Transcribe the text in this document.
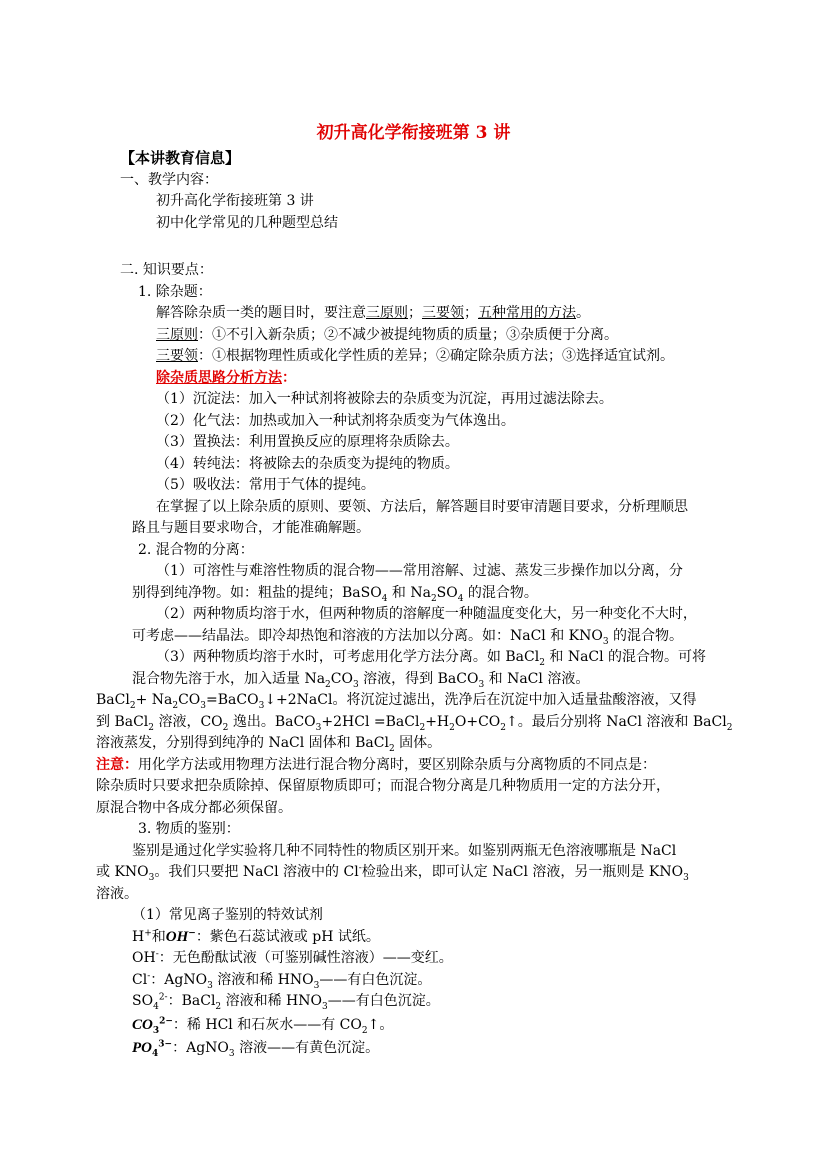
初升高化学衔接班第 3 讲
【本讲教育信息】
一、教学内容：
初升高化学衔接班第 3 讲
初中化学常见的几种题型总结
二. 知识要点：
1. 除杂题：
解答除杂质一类的题目时，要注意三原则；三要领；五种常用的方法。
三原则：①不引入新杂质；②不减少被提纯物质的质量；③杂质便于分离。
三要领：①根据物理性质或化学性质的差异；②确定除杂质方法；③选择适宜试剂。
除杂质思路分析方法：
（1）沉淀法：加入一种试剂将被除去的杂质变为沉淀，再用过滤法除去。
（2）化气法：加热或加入一种试剂将杂质变为气体逸出。
（3）置换法：利用置换反应的原理将杂质除去。
（4）转纯法：将被除去的杂质变为提纯的物质。
（5）吸收法：常用于气体的提纯。
在掌握了以上除杂质的原则、要领、方法后，解答题目时要审清题目要求，分析理顺思
路且与题目要求吻合，才能准确解题。
2. 混合物的分离：
（1）可溶性与难溶性物质的混合物——常用溶解、过滤、蒸发三步操作加以分离，分
别得到纯净物。如：粗盐的提纯；BaSO$_4$ 和 $Na_2SO_4$ 的混合物。
（2）两种物质均溶于水，但两种物质的溶解度一种随温度变化大，另一种变化不大时，
可考虑——结晶法。即冷却热饱和溶液的方法加以分离。如：NaCl 和 $KNO_3$ 的混合物。
（3）两种物质均溶于水时，可考虑用化学方法分离。如 BaCl$_2$ 和 NaCl 的混合物。可将
混合物先溶于水，加入适量 $Na_2CO_3$ 溶液，得到 BaCO$_3$ 和 NaCl 溶液。
BaCl$_2$+ $Na_2CO_3=BaCO_3↓+2NaCl$。将沉淀过滤出，洗净后在沉淀中加入适量盐酸溶液，又得
到 BaCl$_2$ 溶液，$CO_2$ 逸出。BaCO$_3$+2HCl $=BaCl_2+H_2O+CO_2↑$。最后分别将 NaCl 溶液和 BaCl$_2$
溶液蒸发，分别得到纯净的 NaCl 固体和 BaCl$_2$ 固体。
注意：用化学方法或用物理方法进行混合物分离时，要区别除杂质与分离物质的不同点是：
除杂质时只要求把杂质除掉、保留原物质即可；而混合物分离是几种物质用一定的方法分开，
原混合物中各成分都必须保留。
3. 物质的鉴别：
鉴别是通过化学实验将几种不同特性的物质区别开来。如鉴别两瓶无色溶液哪瓶是 NaCl
或 $KNO_3$。我们只要把 NaCl 溶液中的 Cl-检验出来，即可认定 NaCl 溶液，另一瓶则是 $KNO_3$
溶液。
（1）常见离子鉴别的特效试剂
H+和OH−：紫色石蕊试液或 pH 试纸。
OH-：无色酚酞试液（可鉴别碱性溶液）——变红。
Cl-：AgNO$_3$ 溶液和稀 $HNO_3——$有白色沉淀。
$SO_4^{2-}$：BaCl$_2$ 溶液和稀 $HNO_3——$有白色沉淀。
$CO_3^{2-}$：稀 HCl 和石灰水——有 $CO_2↑$。
$PO_4^{3-}$：AgNO$_3$ 溶液——有黄色沉淀。
